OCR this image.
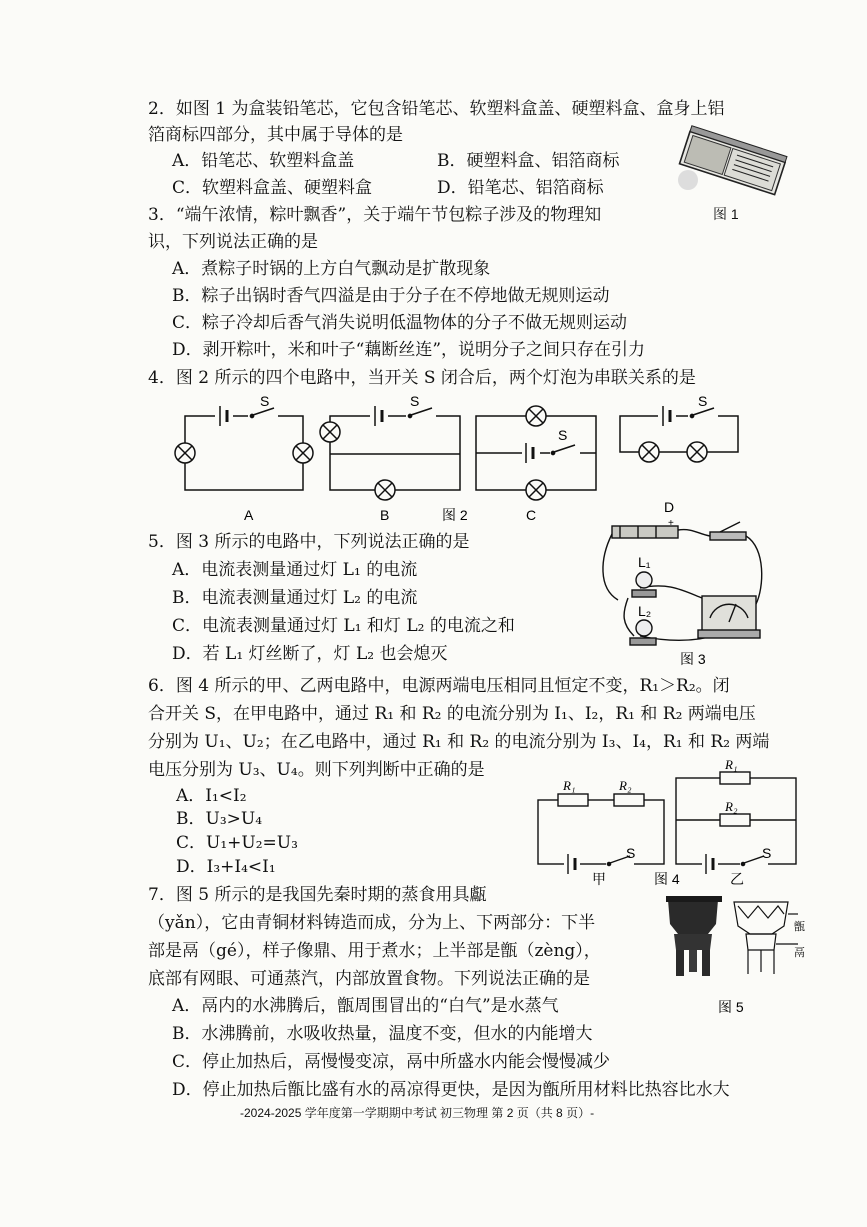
2．如图 1 为盒装铅笔芯，它包含铅笔芯、软塑料盒盖、硬塑料盒、盒身上铝
箔商标四部分，其中属于导体的是
A．铅笔芯、软塑料盒盖	B．硬塑料盒、铝箔商标
C．软塑料盒盖、硬塑料盒	D．铅笔芯、铝箔商标
图 1
3．“端午浓情，粽叶飘香”，关于端午节包粽子涉及的物理知
识，下列说法正确的是
A．煮粽子时锅的上方白气飘动是扩散现象
B．粽子出锅时香气四溢是由于分子在不停地做无规则运动
C．粽子冷却后香气消失说明低温物体的分子不做无规则运动
D．剥开粽叶，米和叶子“藕断丝连”，说明分子之间只存在引力
4．图 2 所示的四个电路中，当开关 S 闭合后，两个灯泡为串联关系的是
S	S
S
S
A	B	图 2	C	D
5．图 3 所示的电路中，下列说法正确的是
A．电流表测量通过灯 L₁ 的电流
B．电流表测量通过灯 L₂ 的电流
C．电流表测量通过灯 L₁ 和灯 L₂ 的电流之和
D．若 L₁ 灯丝断了，灯 L₂ 也会熄灭
+
L₁
L₂
图 3
6．图 4 所示的甲、乙两电路中，电源两端电压相同且恒定不变，R₁＞R₂。闭
合开关 S，在甲电路中，通过 R₁ 和 R₂ 的电流分别为 I₁、I₂，R₁ 和 R₂ 两端电压
分别为 U₁、U₂；在乙电路中，通过 R₁ 和 R₂ 的电流分别为 I₃、I₄，R₁ 和 R₂ 两端
电压分别为 U₃、U₄。则下列判断中正确的是
A．I₁<I₂
B．U₃>U₄
C．U₁+U₂=U₃
D．I₃+I₄<I₁
R₁	R₂
R₁
R₂
S	S
甲	图 4	乙
7．图 5 所示的是我国先秦时期的蒸食用具甗
（yǎn），它由青铜材料铸造而成，分为上、下两部分：下半
部是鬲（gé），样子像鼎、用于煮水；上半部是甑（zèng），
底部有网眼、可通蒸汽，内部放置食物。下列说法正确的是
A．鬲内的水沸腾后，甑周围冒出的“白气”是水蒸气
B．水沸腾前，水吸收热量，温度不变，但水的内能增大
C．停止加热后，鬲慢慢变凉，鬲中所盛水内能会慢慢减少
D．停止加热后甑比盛有水的鬲凉得更快，是因为甑所用材料比热容比水大
甑
鬲
图 5
-2024-2025 学年度第一学期期中考试 初三物理 第 2 页（共 8 页）-
